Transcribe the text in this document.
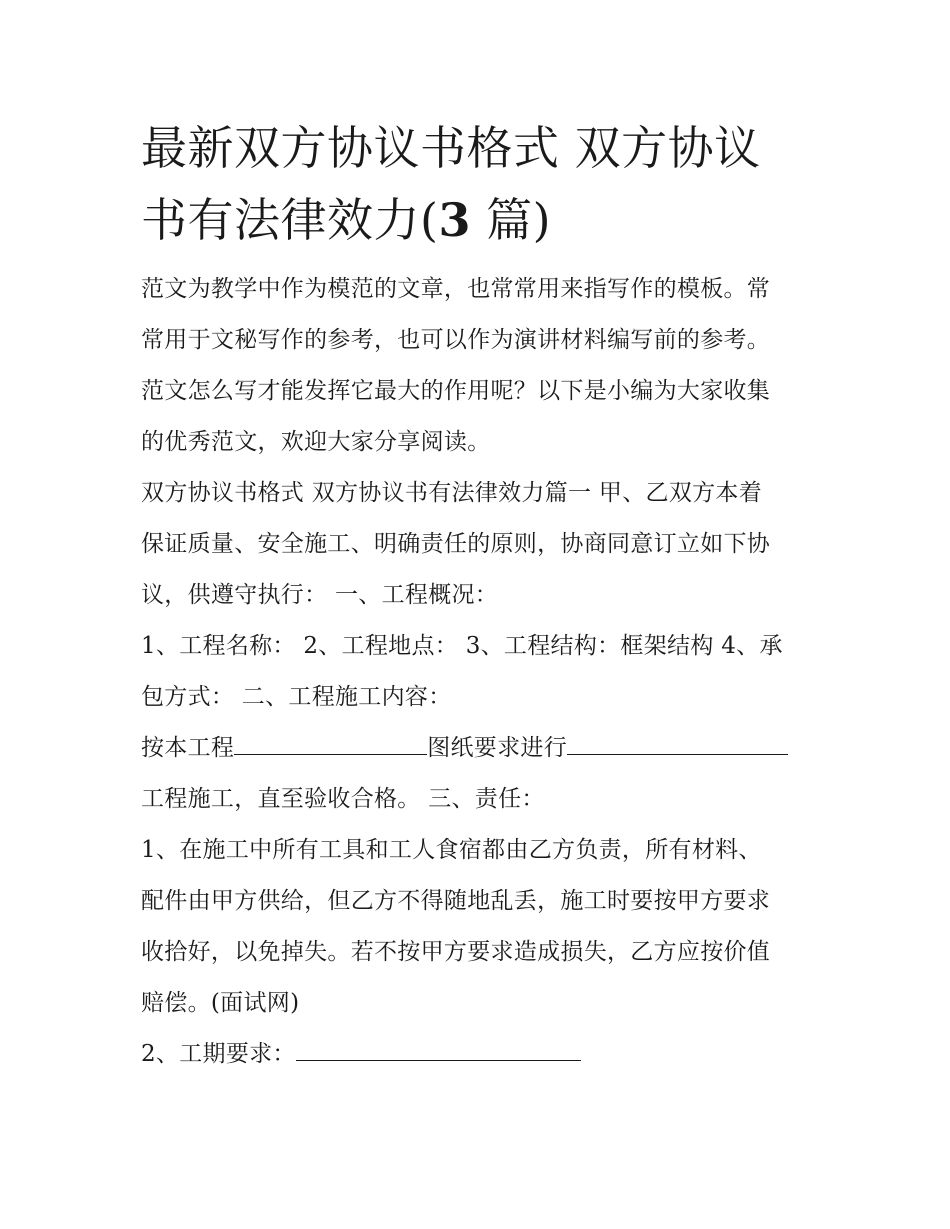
最新双方协议书格式 双方协议
书有法律效力(3 篇)

范文为教学中作为模范的文章，也常常用来指写作的模板。常

常用于文秘写作的参考，也可以作为演讲材料编写前的参考。

范文怎么写才能发挥它最大的作用呢？以下是小编为大家收集

的优秀范文，欢迎大家分享阅读。

双方协议书格式 双方协议书有法律效力篇一 甲、乙双方本着

保证质量、安全施工、明确责任的原则，协商同意订立如下协

议，供遵守执行： 一、工程概况：

1、工程名称： 2、工程地点： 3、工程结构：框架结构 4、承

包方式： 二、工程施工内容：

按本工程	图纸要求进行

工程施工，直至验收合格。 三、责任：

1、在施工中所有工具和工人食宿都由乙方负责，所有材料、

配件由甲方供给，但乙方不得随地乱丢，施工时要按甲方要求

收拾好，以免掉失。若不按甲方要求造成损失，乙方应按价值

赔偿。(面试网)

2、工期要求：
